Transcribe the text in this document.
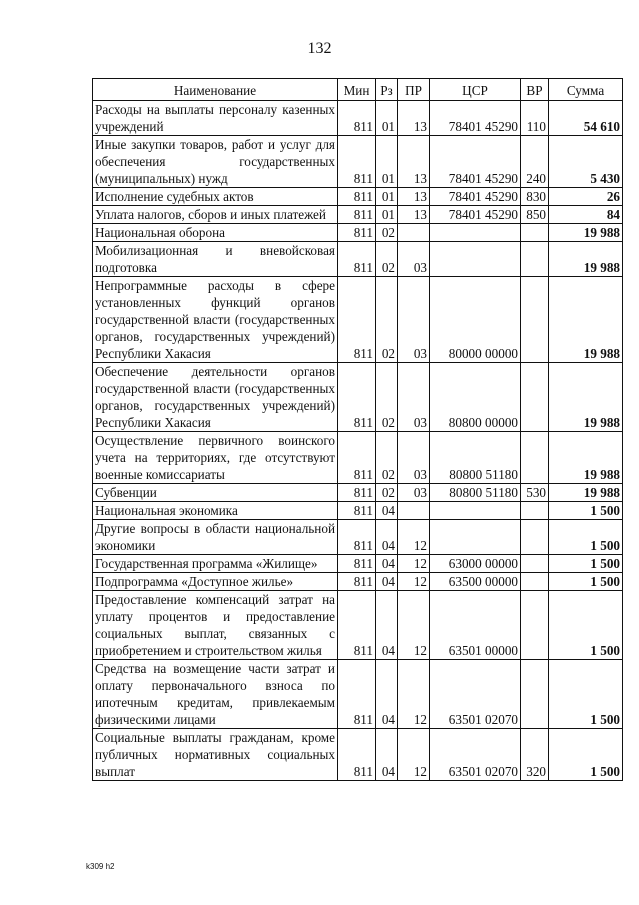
132
Наименование	Мин	Рз	ПР	ЦСР	ВР	Сумма
Расходы на выплаты персоналу казенных учреждений	811	01	13	78401 45290	110	54 610
Иные закупки товаров, работ и услуг для обеспечения государственных (муниципальных) нужд	811	01	13	78401 45290	240	5 430
Исполнение судебных актов	811	01	13	78401 45290	830	26
Уплата налогов, сборов и иных платежей	811	01	13	78401 45290	850	84
Национальная оборона	811	02				19 988
Мобилизационная и вневойсковая подготовка	811	02	03			19 988
Непрограммные расходы в сфере установленных функций органов государственной власти (государственных органов, государственных учреждений) Республики Хакасия	811	02	03	80000 00000		19 988
Обеспечение деятельности органов государственной власти (государственных органов, государственных учреждений) Республики Хакасия	811	02	03	80800 00000		19 988
Осуществление первичного воинского учета на территориях, где отсутствуют военные комиссариаты	811	02	03	80800 51180		19 988
Субвенции	811	02	03	80800 51180	530	19 988
Национальная экономика	811	04				1 500
Другие вопросы в области национальной экономики	811	04	12			1 500
Государственная программа «Жилище»	811	04	12	63000 00000		1 500
Подпрограмма «Доступное жилье»	811	04	12	63500 00000		1 500
Предоставление компенсаций затрат на уплату процентов и предоставление социальных выплат, связанных с приобретением и строительством жилья	811	04	12	63501 00000		1 500
Средства на возмещение части затрат и оплату первоначального взноса по ипотечным кредитам, привлекаемым физическими лицами	811	04	12	63501 02070		1 500
Социальные выплаты гражданам, кроме публичных нормативных социальных выплат	811	04	12	63501 02070	320	1 500
k309 h2
